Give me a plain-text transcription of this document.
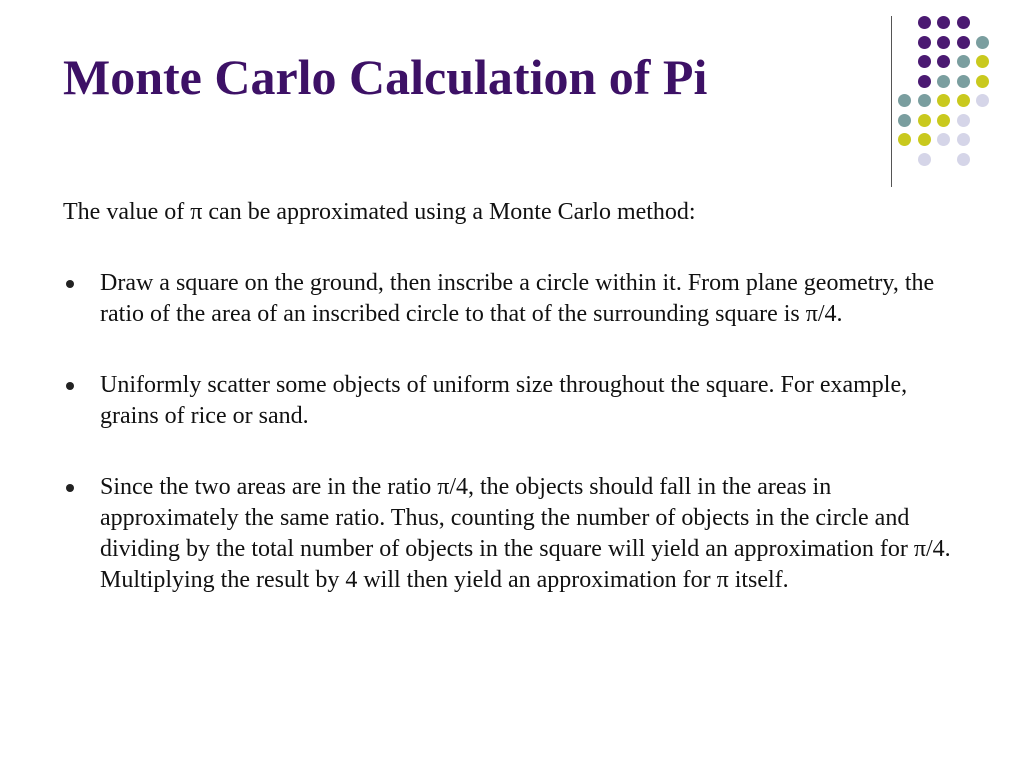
Monte Carlo Calculation of Pi

The value of π can be approximated using a Monte Carlo method:

Draw a square on the ground, then inscribe a circle within it. From plane geometry, the ratio of the area of an inscribed circle to that of the surrounding square is π/4.
Uniformly scatter some objects of uniform size throughout the square. For example, grains of rice or sand.
Since the two areas are in the ratio π/4, the objects should fall in the areas in approximately the same ratio. Thus, counting the number of objects in the circle and dividing by the total number of objects in the square will yield an approximation for π/4. Multiplying the result by 4 will then yield an approximation for π itself.
